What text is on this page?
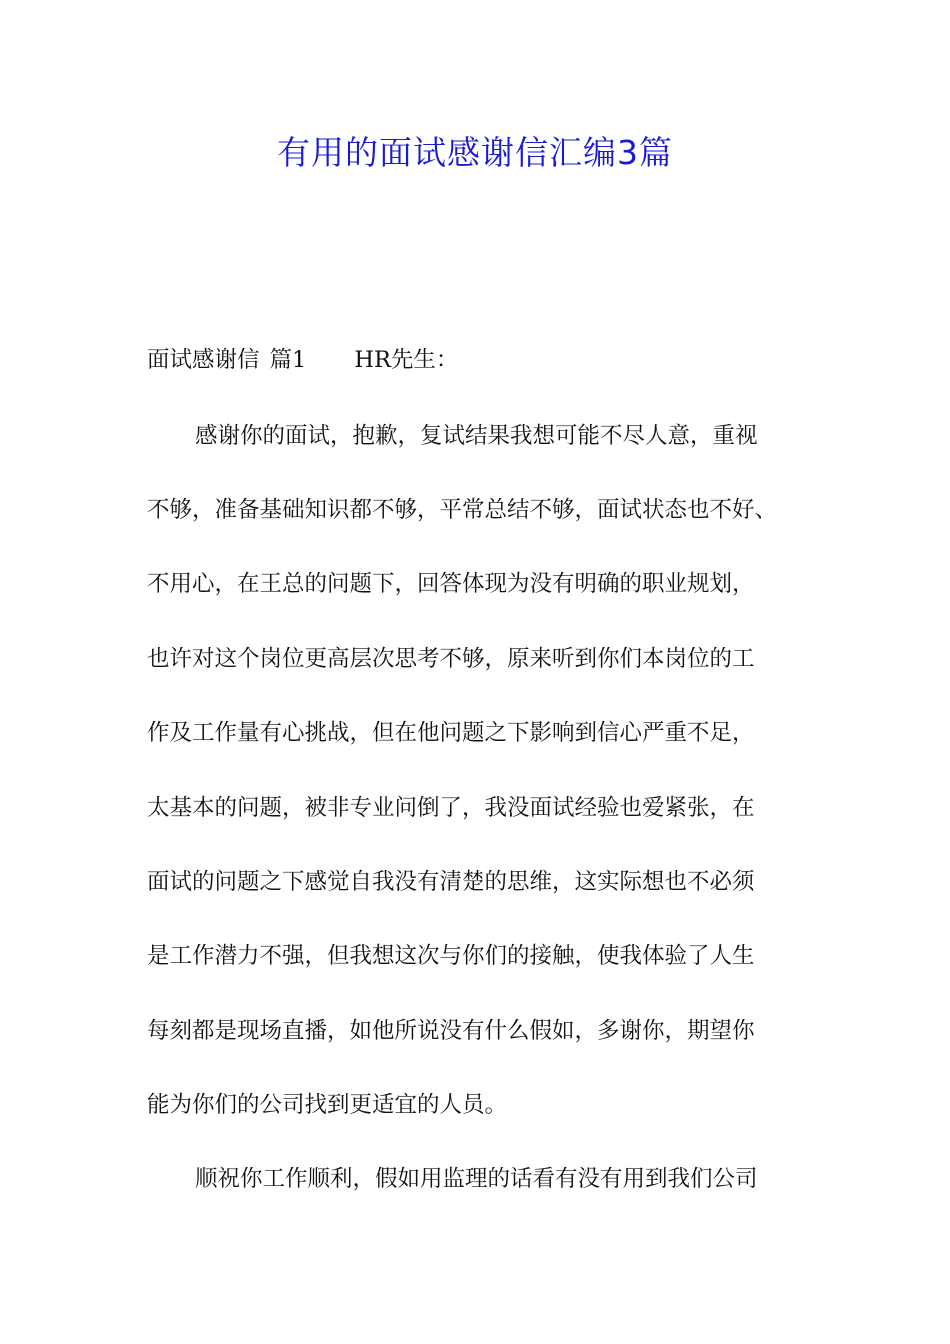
有用的面试感谢信汇编3篇
面试感谢信 篇1 HR先生：
感谢你的面试，抱歉，复试结果我想可能不尽人意，重视
不够，准备基础知识都不够，平常总结不够，面试状态也不好、
不用心，在王总的问题下，回答体现为没有明确的职业规划，
也许对这个岗位更高层次思考不够，原来听到你们本岗位的工
作及工作量有心挑战，但在他问题之下影响到信心严重不足，
太基本的问题，被非专业问倒了，我没面试经验也爱紧张，在
面试的问题之下感觉自我没有清楚的思维，这实际想也不必须
是工作潜力不强，但我想这次与你们的接触，使我体验了人生
每刻都是现场直播，如他所说没有什么假如，多谢你，期望你
能为你们的公司找到更适宜的人员。
顺祝你工作顺利，假如用监理的话看有没有用到我们公司
